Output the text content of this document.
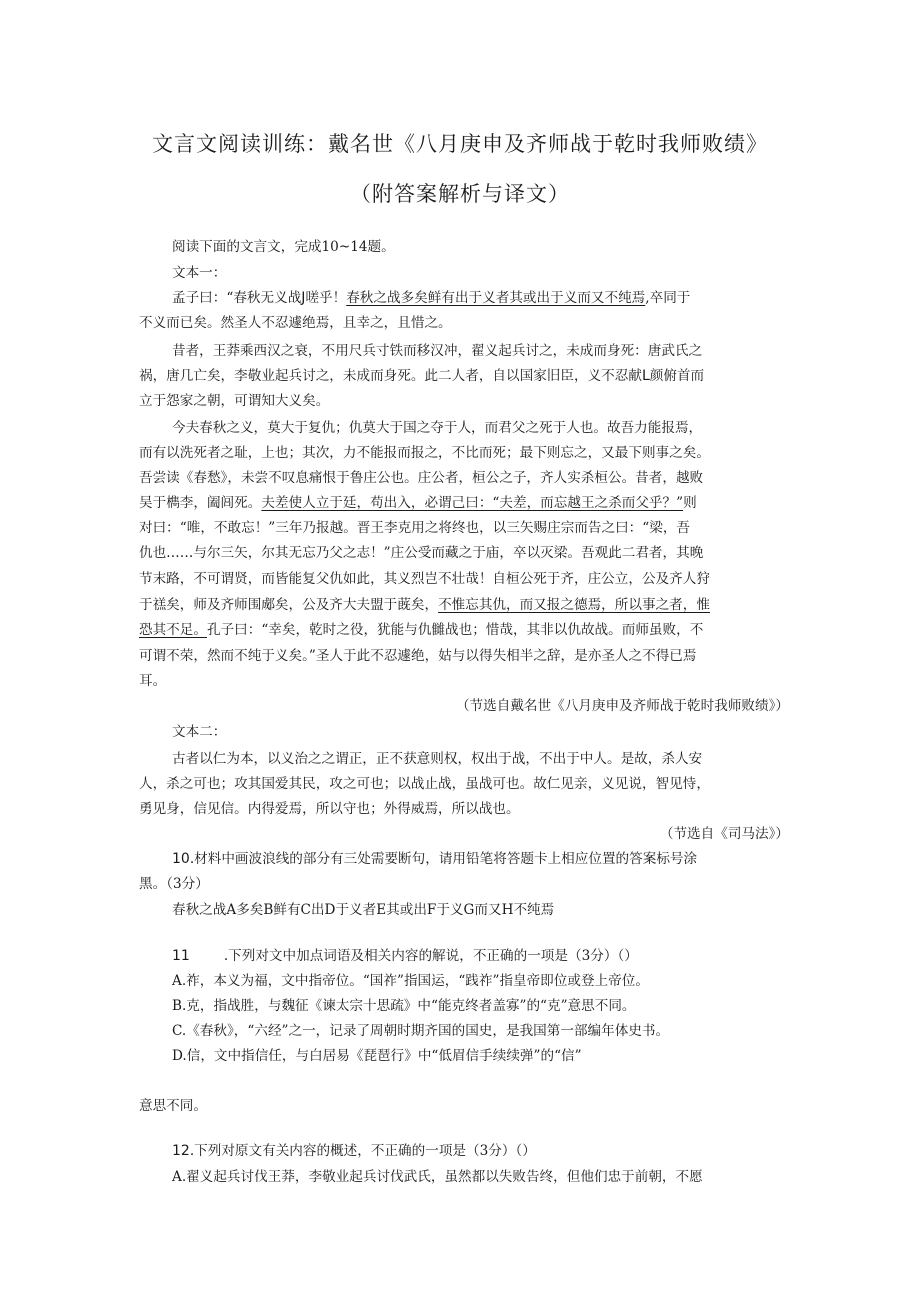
文言文阅读训练：戴名世《八月庚申及齐师战于乾时我师败绩》
（附答案解析与译文）
阅读下面的文言文，完成10~14题。
文本一：
孟子曰：“春秋无义战J嗟乎！春秋之战多矣鲜有出于义者其或出于义而又不纯焉,卒同于
不义而已矣。然圣人不忍遽绝焉，且幸之，且惜之。
昔者，王莽乘西汉之衰，不用尺兵寸铁而移汉冲，翟义起兵讨之，未成而身死：唐武氏之
祸，唐几亡矣，李敬业起兵讨之，未成而身死。此二人者，自以国家旧臣，义不忍献L颜俯首而
立于怨家之朝，可谓知大义矣。
今夫春秋之义，莫大于复仇；仇莫大于国之夺于人，而君父之死于人也。故吾力能报焉，
而有以洗死者之耻，上也；其次，力不能报而报之，不比而死；最下则忘之，又最下则事之矣。
吾尝读《春愁》，未尝不叹息痛恨于鲁庄公也。庄公者，桓公之子，齐人实杀桓公。昔者，越败
吴于檇李，阖闾死。夫差使人立于廷，苟出入，必谓己曰：“夫差，而忘越王之杀而父乎？”则
对曰：“唯，不敢忘！”三年乃报越。晋王李克用之将终也，以三矢赐庄宗而告之曰：“梁，吾
仇也……与尔三矢，尔其无忘乃父之志！”庄公受而藏之于庙，卒以灭梁。吾观此二君者，其晚
节末路，不可谓贤，而皆能复父仇如此，其义烈岂不壮哉！自桓公死于齐，庄公立，公及齐人狩
于禚矣，师及齐师围郕矣，公及齐大夫盟于蔇矣，不惟忘其仇，而又报之德焉，所以事之者，惟
恐其不足。孔子曰：“幸矣，乾时之役，犹能与仇雠战也；惜哉，其非以仇故战。而师虽败，不
可谓不荣，然而不纯于义矣。”圣人于此不忍遽绝，姑与以得失相半之辞，是亦圣人之不得已焉
耳。
（节选自戴名世《八月庚申及齐师战于乾时我师败绩》）
文本二：
古者以仁为本，以义治之之谓正，正不获意则权，权出于战，不出于中人。是故，杀人安
人，杀之可也；攻其国爱其民，攻之可也；以战止战，虽战可也。故仁见亲，义见说，智见恃，
勇见身，信见信。内得爱焉，所以守也；外得威焉，所以战也。
（节选自《司马法》）
10.材料中画波浪线的部分有三处需要断句，请用铅笔将答题卡上相应位置的答案标号涂
黑。（3分）
春秋之战A多矣B鲜有C出D于义者E其或出F于义G而又H不纯焉
11	.下列对文中加点词语及相关内容的解说，不正确的一项是（3分）（）
A.祚，本义为福，文中指帝位。“国祚”指国运，“践祚”指皇帝即位或登上帝位。
B.克，指战胜，与魏征《谏太宗十思疏》中“能克终者盖寡”的“克”意思不同。
C.《春秋》，“六经”之一，记录了周朝时期齐国的国史，是我国第一部编年体史书。
D.信，文中指信任，与白居易《琵琶行》中“低眉信手续续弹”的“信”
意思不同。
12.下列对原文有关内容的概述，不正确的一项是（3分）（）
A.翟义起兵讨伐王莽，李敬业起兵讨伐武氏，虽然都以失败告终，但他们忠于前朝，不愿
